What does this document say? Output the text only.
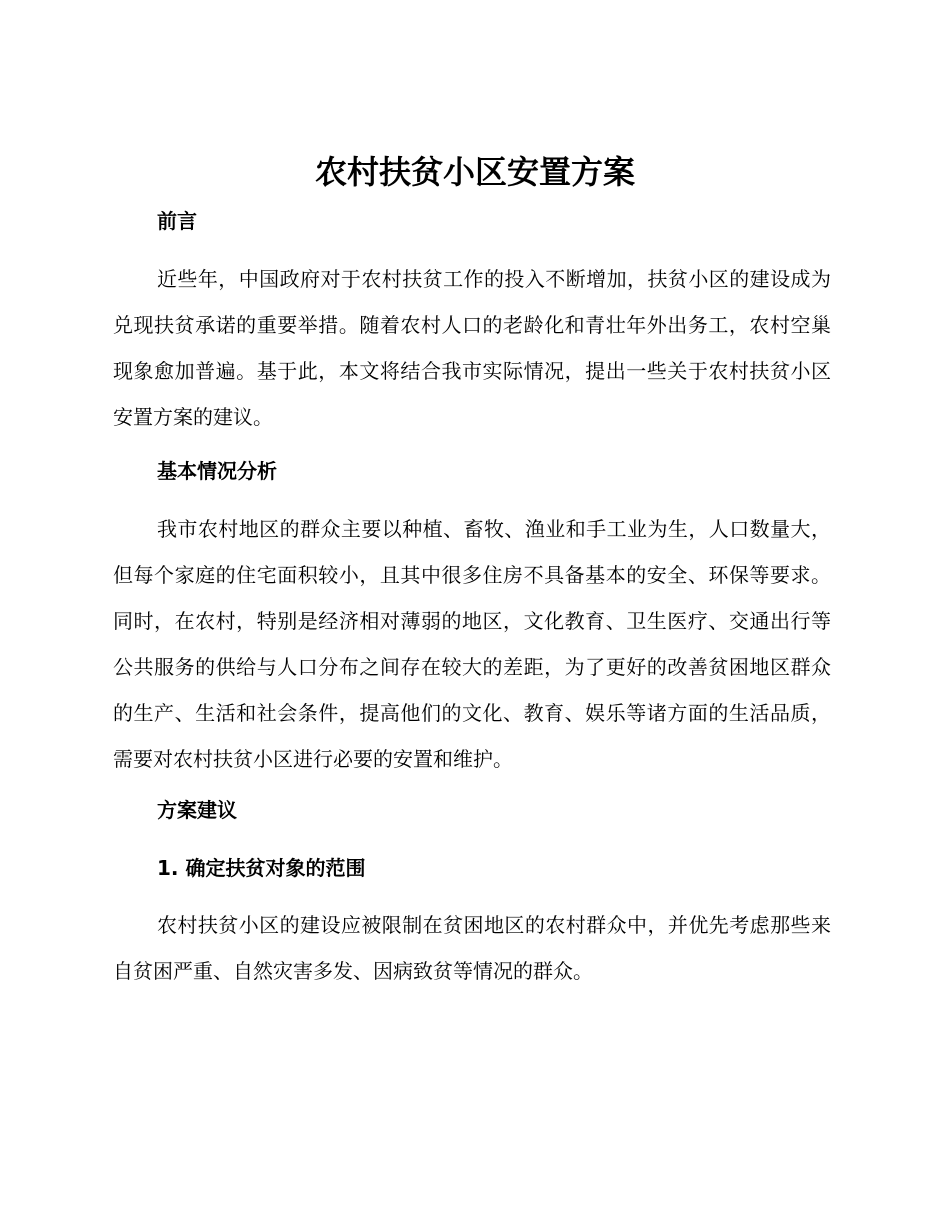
农村扶贫小区安置方案
前言

近些年，中国政府对于农村扶贫工作的投入不断增加，扶贫小区的建设成为兑现扶贫承诺的重要举措。随着农村人口的老龄化和青壮年外出务工，农村空巢现象愈加普遍。基于此，本文将结合我市实际情况，提出一些关于农村扶贫小区安置方案的建议。

基本情况分析

我市农村地区的群众主要以种植、畜牧、渔业和手工业为生，人口数量大，但每个家庭的住宅面积较小，且其中很多住房不具备基本的安全、环保等要求。同时，在农村，特别是经济相对薄弱的地区，文化教育、卫生医疗、交通出行等公共服务的供给与人口分布之间存在较大的差距，为了更好的改善贫困地区群众的生产、生活和社会条件，提高他们的文化、教育、娱乐等诸方面的生活品质，需要对农村扶贫小区进行必要的安置和维护。

方案建议
1. 确定扶贫对象的范围

农村扶贫小区的建设应被限制在贫困地区的农村群众中，并优先考虑那些来自贫困严重、自然灾害多发、因病致贫等情况的群众。
